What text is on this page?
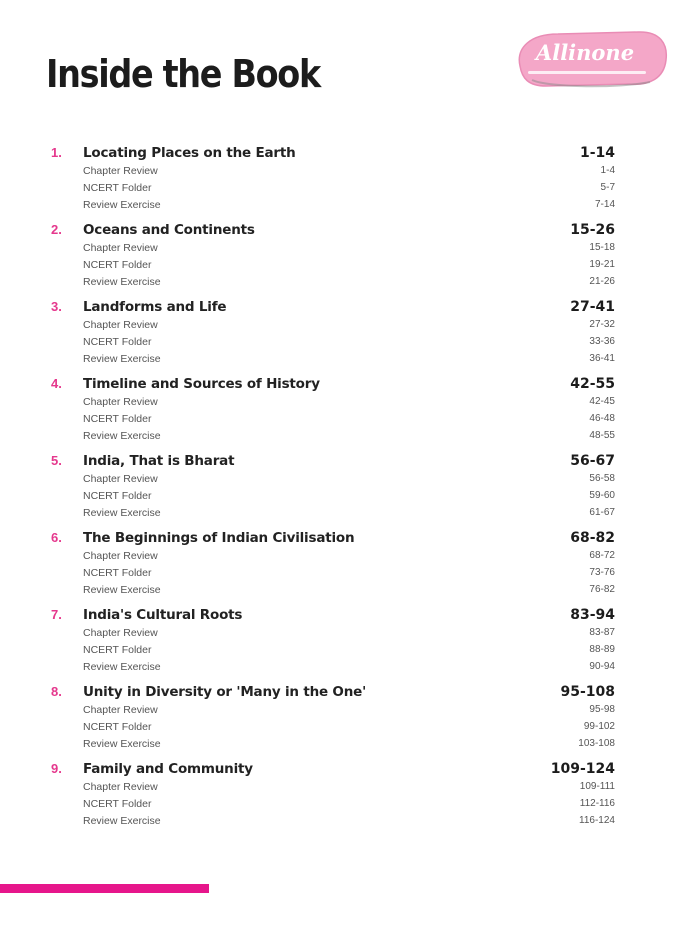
Inside the Book	Allinone
1. Locating Places on the Earth	1-14
Chapter Review	1-4
NCERT Folder	5-7
Review Exercise	7-14
2. Oceans and Continents	15-26
Chapter Review	15-18
NCERT Folder	19-21
Review Exercise	21-26
3. Landforms and Life	27-41
Chapter Review	27-32
NCERT Folder	33-36
Review Exercise	36-41
4. Timeline and Sources of History	42-55
Chapter Review	42-45
NCERT Folder	46-48
Review Exercise	48-55
5. India, That is Bharat	56-67
Chapter Review	56-58
NCERT Folder	59-60
Review Exercise	61-67
6. The Beginnings of Indian Civilisation	68-82
Chapter Review	68-72
NCERT Folder	73-76
Review Exercise	76-82
7. India's Cultural Roots	83-94
Chapter Review	83-87
NCERT Folder	88-89
Review Exercise	90-94
8. Unity in Diversity or 'Many in the One'	95-108
Chapter Review	95-98
NCERT Folder	99-102
Review Exercise	103-108
9. Family and Community	109-124
Chapter Review	109-111
NCERT Folder	112-116
Review Exercise	116-124
